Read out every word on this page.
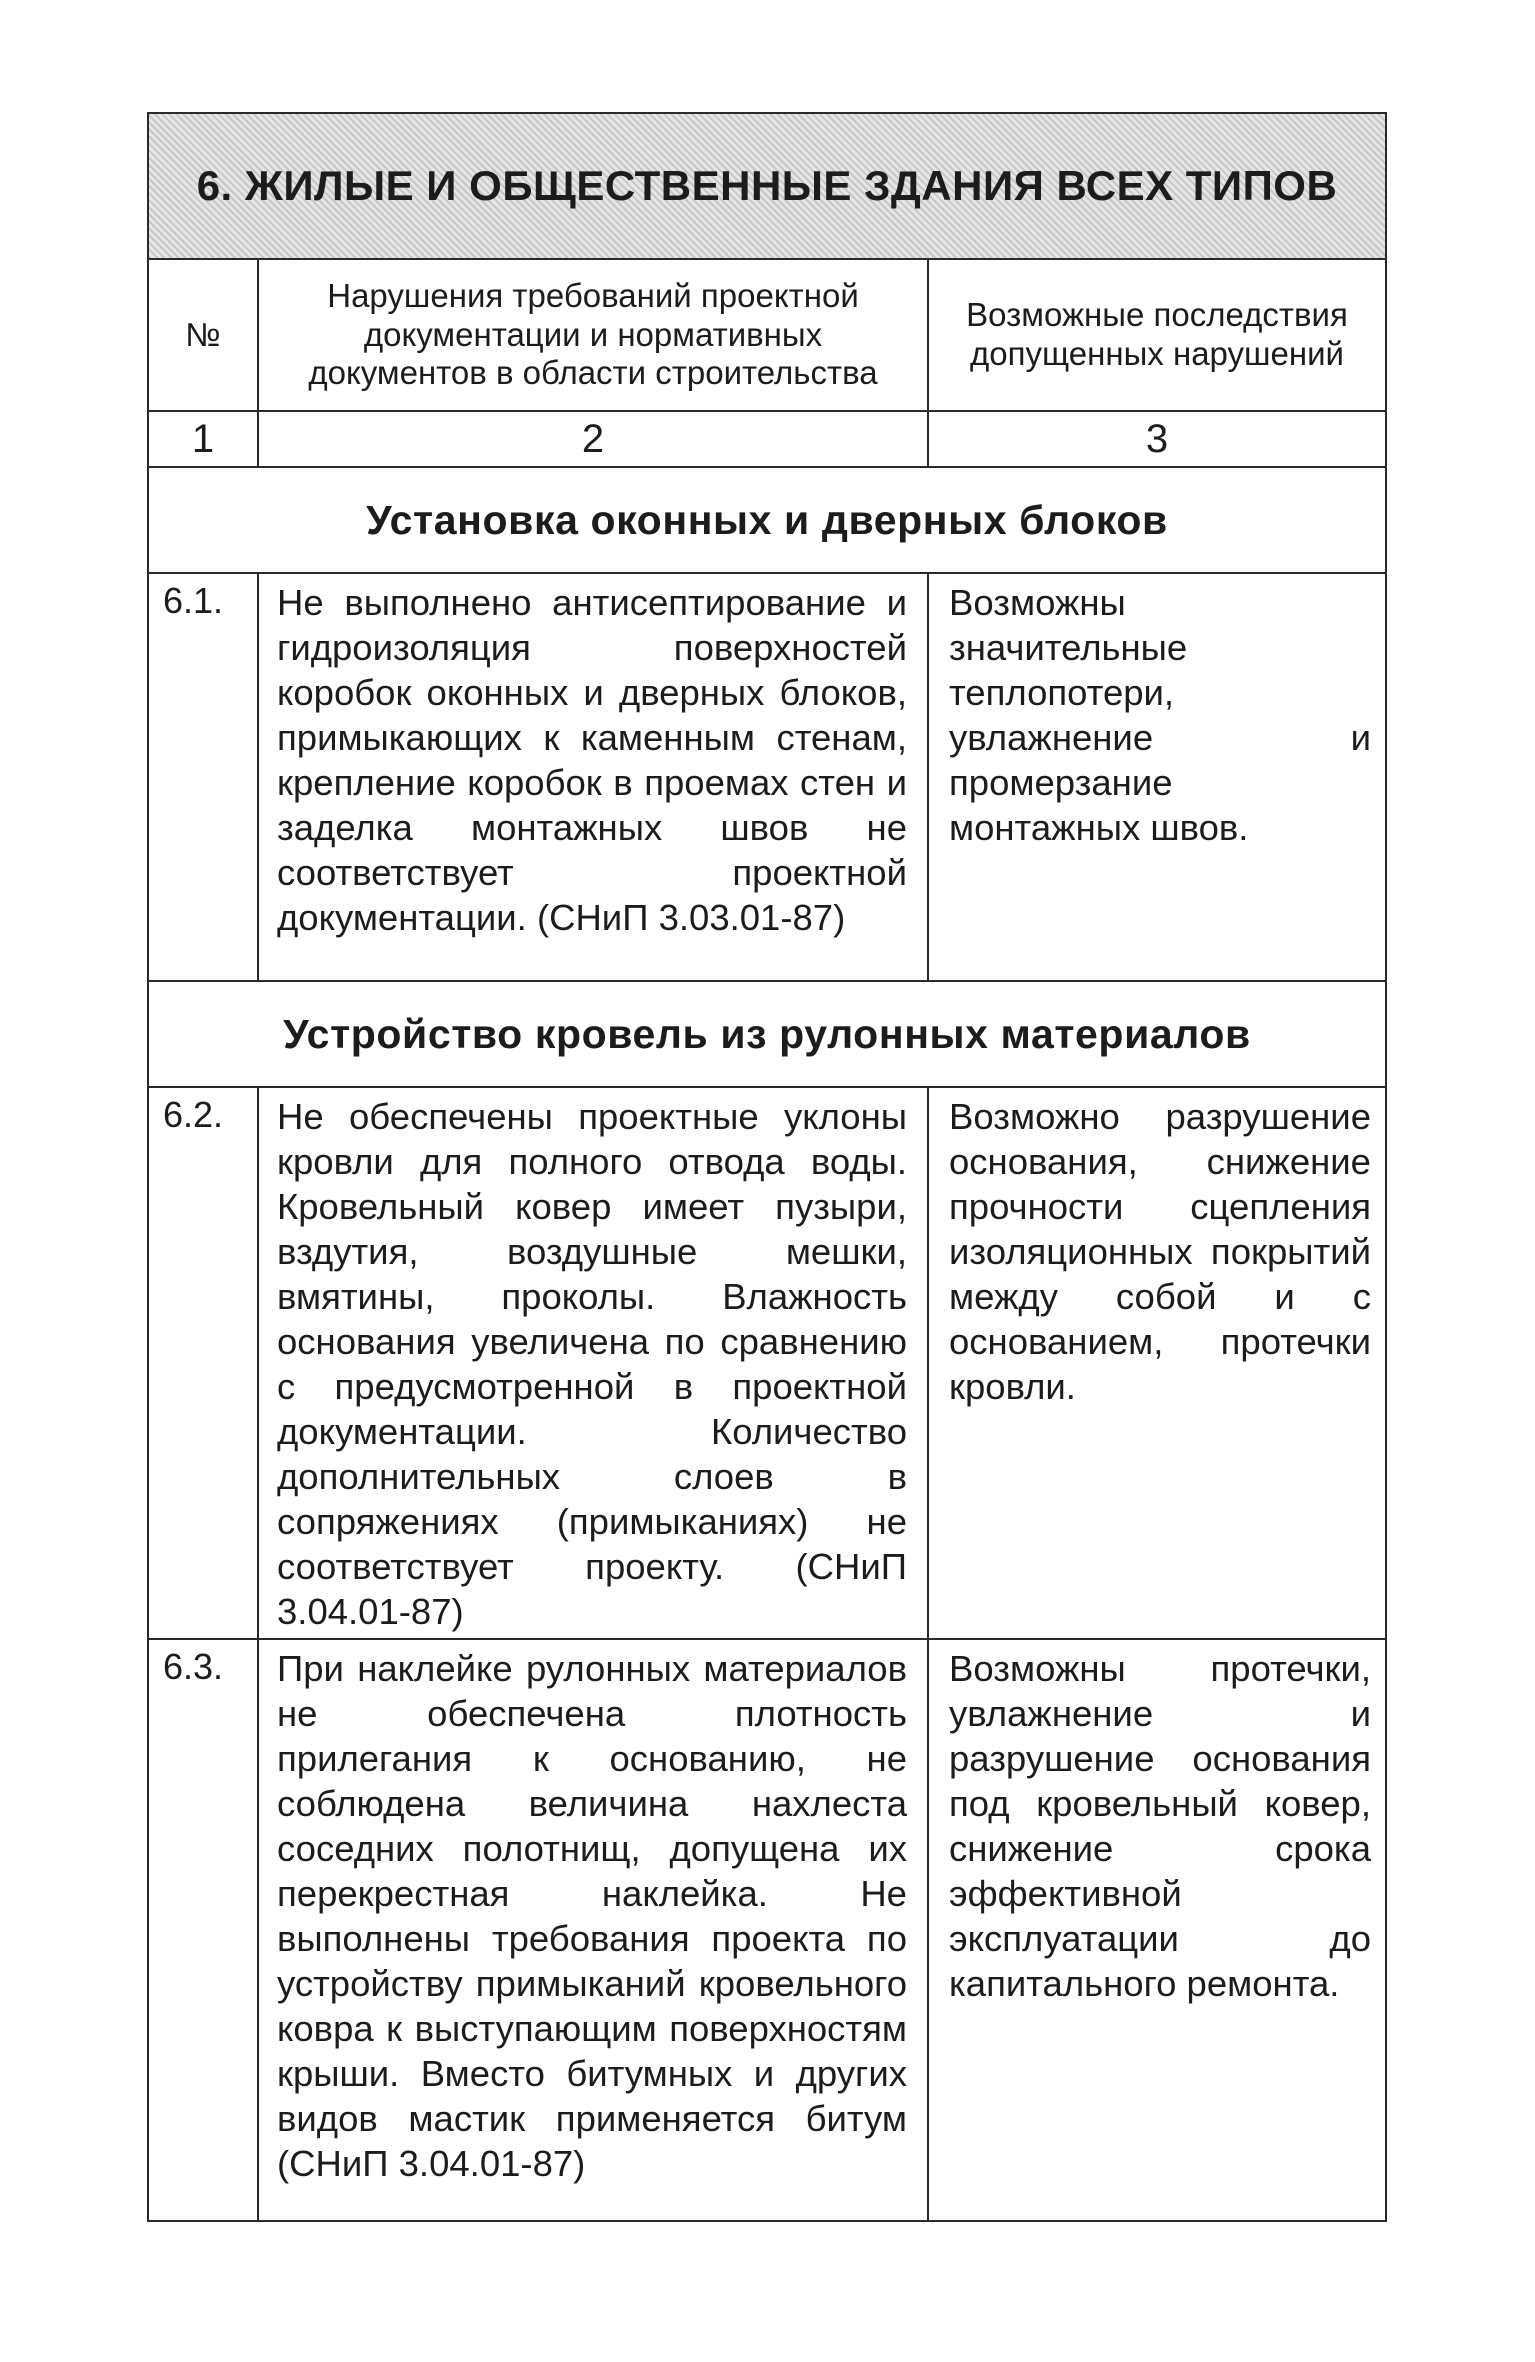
6. ЖИЛЫЕ И ОБЩЕСТВЕННЫЕ ЗДАНИЯ ВСЕХ ТИПОВ		
№	Нарушения требований проектной документации и нормативных документов в области строительства	Возможные последствия допущенных нарушений
1	2	3
Установка оконных и дверных блоков		
6.1.	Не выполнено антисептирование и гидроизоляция поверхностей коробок оконных и дверных блоков, примыкающих к каменным стенам, крепление коробок в проемах стен и заделка монтажных швов не соответствует проектной документации. (СНиП 3.03.01-87)	Возможны значительные теплопотери, увлажнение и промерзание монтажных швов.
Устройство кровель из рулонных материалов		
6.2.	Не обеспечены проектные уклоны кровли для полного отвода воды. Кровельный ковер имеет пузыри, вздутия, воздушные мешки, вмятины, проколы. Влажность основания увеличена по сравнению с предусмотренной в проектной документации. Количество дополнительных слоев в сопряжениях (примыканиях) не соответствует проекту. (СНиП 3.04.01-87)	Возможно разрушение основания, снижение прочности сцепления изоляционных покрытий между собой и с основанием, протечки кровли.
6.3.	При наклейке рулонных материалов не обеспечена плотность прилегания к основанию, не соблюдена величина нахлеста соседних полотнищ, допущена их перекрестная наклейка. Не выполнены требования проекта по устройству примыканий кровельного ковра к выступающим поверхностям крыши. Вместо битумных и других видов мастик применяется битум (СНиП 3.04.01-87)	Возможны протечки, увлажнение и разрушение основания под кровельный ковер, снижение срока эффективной эксплуатации до капитального ремонта.
